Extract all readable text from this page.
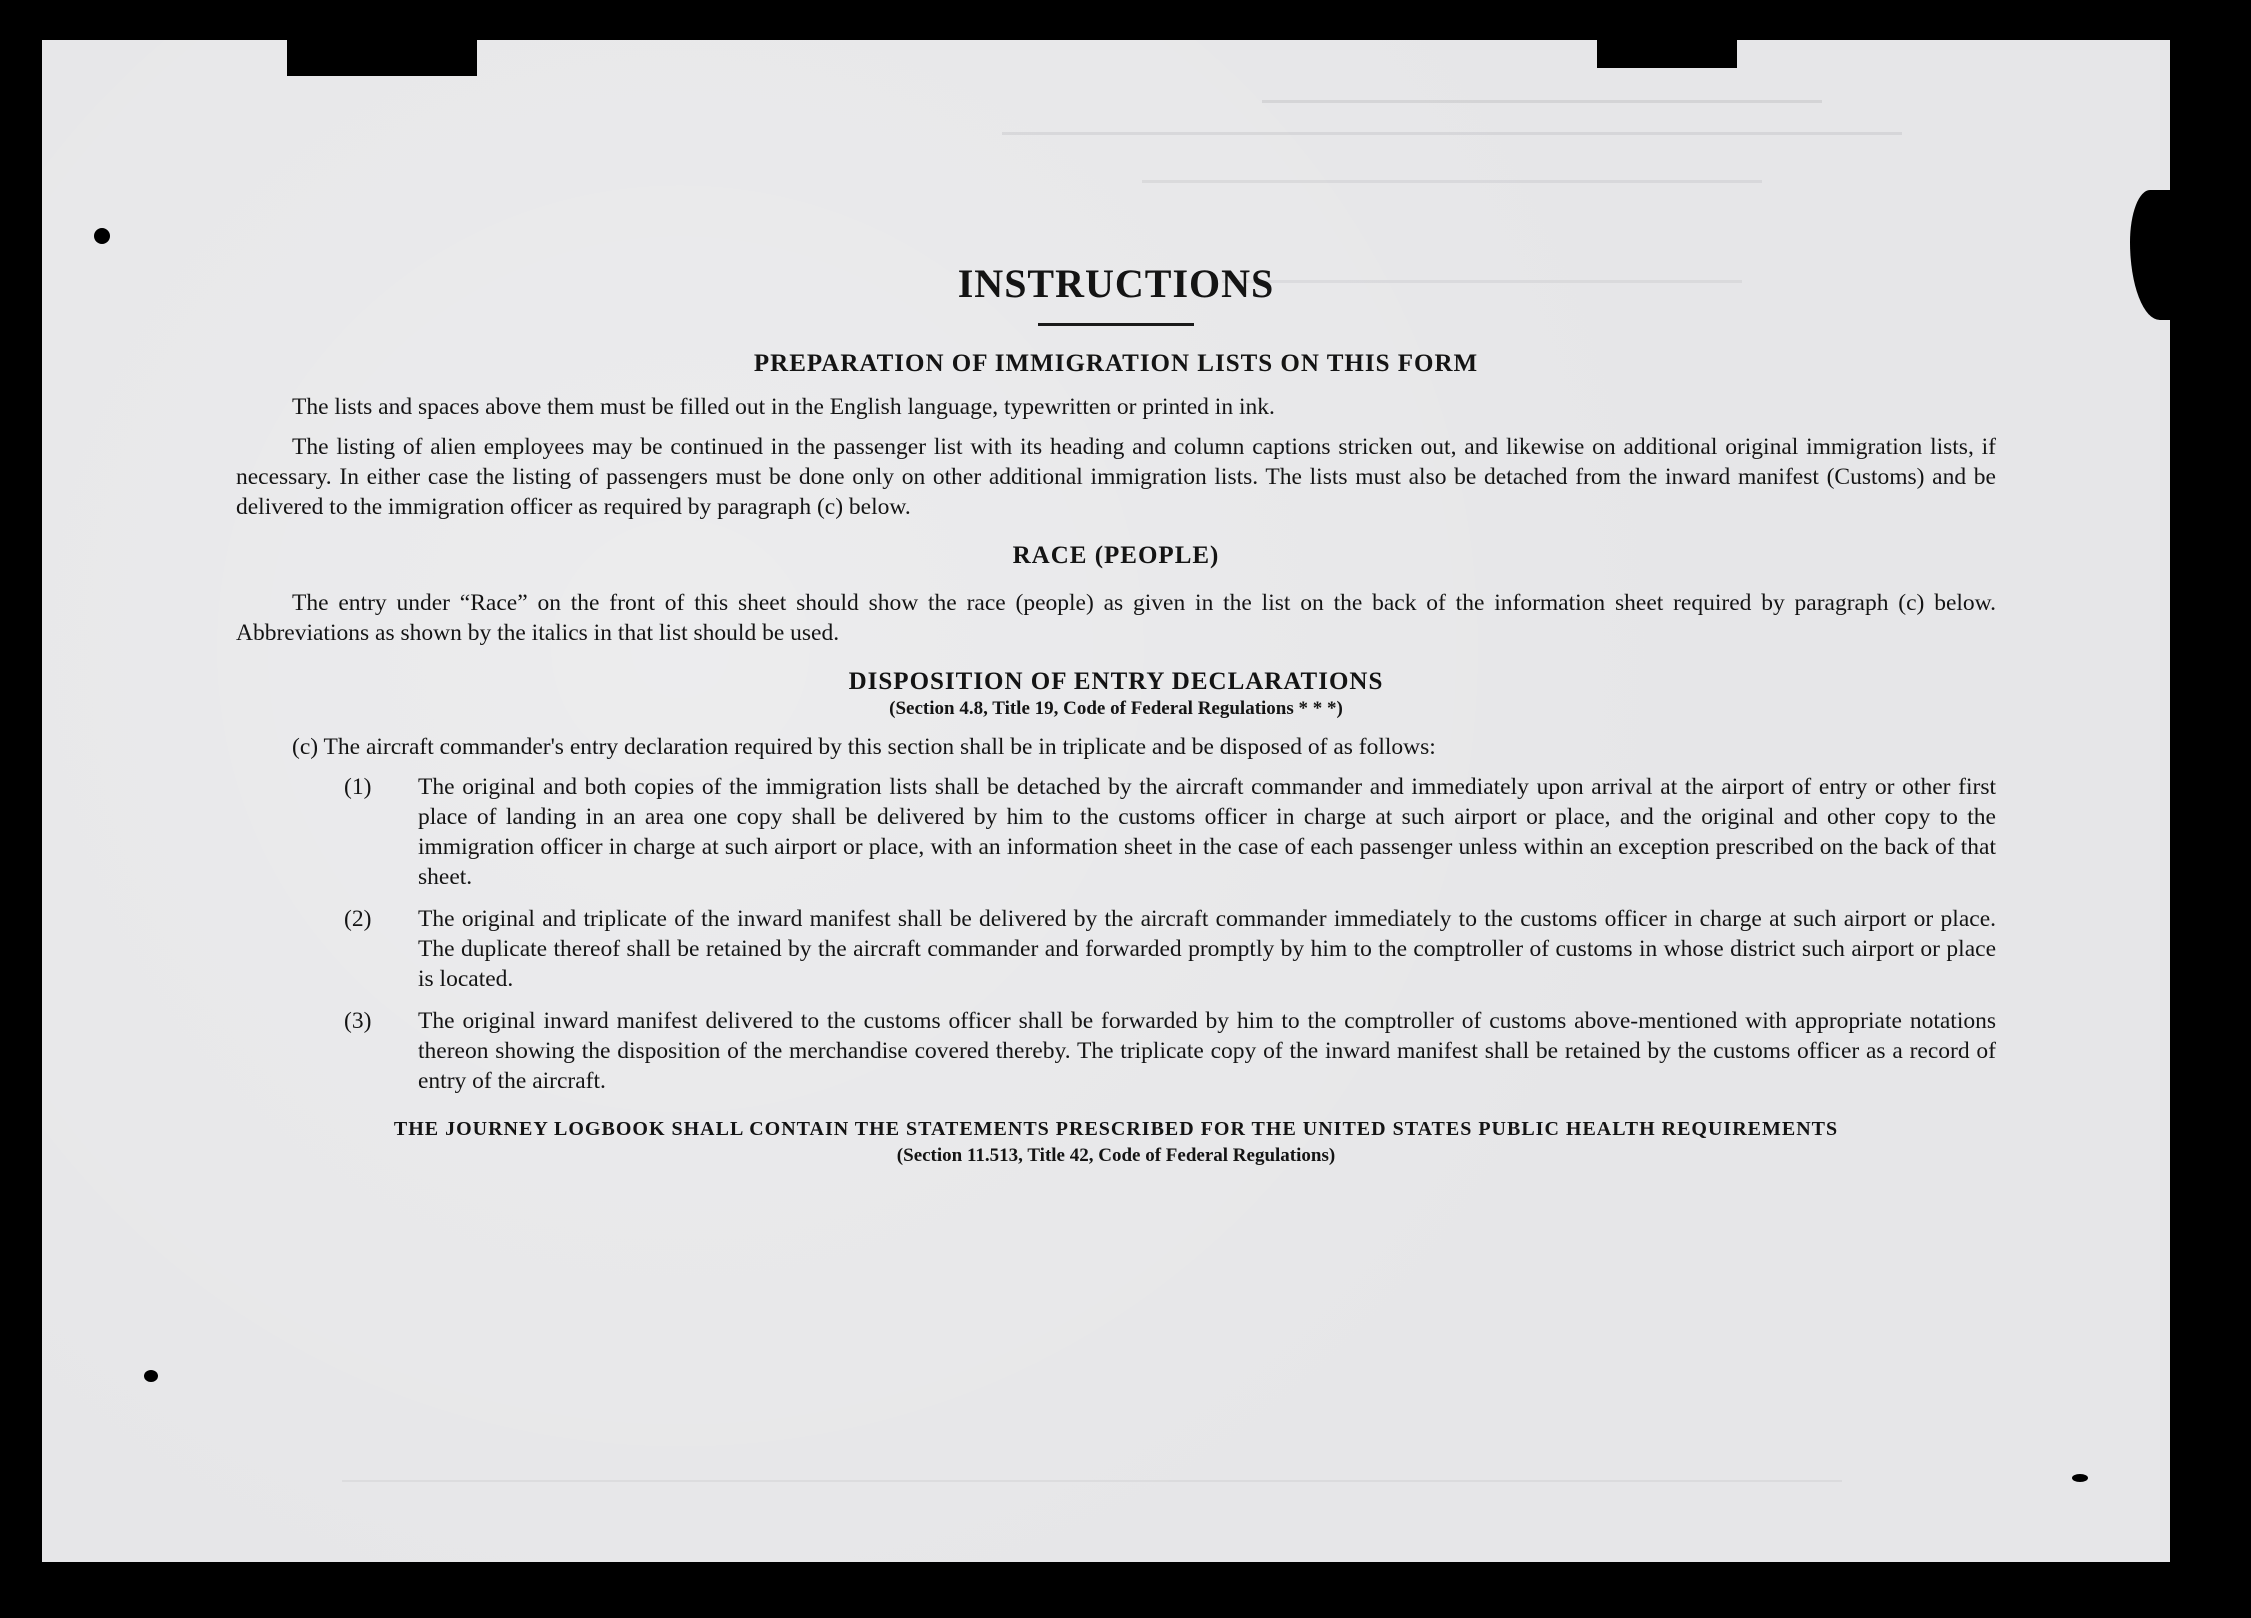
INSTRUCTIONS
PREPARATION OF IMMIGRATION LISTS ON THIS FORM

The lists and spaces above them must be filled out in the English language, typewritten or printed in ink.

The listing of alien employees may be continued in the passenger list with its heading and column captions stricken out, and likewise on additional original immigration lists, if necessary. In either case the listing of passengers must be done only on other additional immigration lists. The lists must also be detached from the inward manifest (Customs) and be delivered to the immigration officer as required by paragraph (c) below.

RACE (PEOPLE)

The entry under “Race” on the front of this sheet should show the race (people) as given in the list on the back of the information sheet required by paragraph (c) below. Abbreviations as shown by the italics in that list should be used.

DISPOSITION OF ENTRY DECLARATIONS
(Section 4.8, Title 19, Code of Federal Regulations * * *)

(c) The aircraft commander's entry declaration required by this section shall be in triplicate and be disposed of as follows:

(1) The original and both copies of the immigration lists shall be detached by the aircraft commander and immediately upon arrival at the airport of entry or other first place of landing in an area one copy shall be delivered by him to the customs officer in charge at such airport or place, and the original and other copy to the immigration officer in charge at such airport or place, with an information sheet in the case of each passenger unless within an exception prescribed on the back of that sheet.
(2) The original and triplicate of the inward manifest shall be delivered by the aircraft commander immediately to the customs officer in charge at such airport or place. The duplicate thereof shall be retained by the aircraft commander and forwarded promptly by him to the comptroller of customs in whose district such airport or place is located.
(3) The original inward manifest delivered to the customs officer shall be forwarded by him to the comptroller of customs above-mentioned with appropriate notations thereon showing the disposition of the merchandise covered thereby. The triplicate copy of the inward manifest shall be retained by the customs officer as a record of entry of the aircraft.
THE JOURNEY LOGBOOK SHALL CONTAIN THE STATEMENTS PRESCRIBED FOR THE UNITED STATES PUBLIC HEALTH REQUIREMENTS
(Section 11.513, Title 42, Code of Federal Regulations)
